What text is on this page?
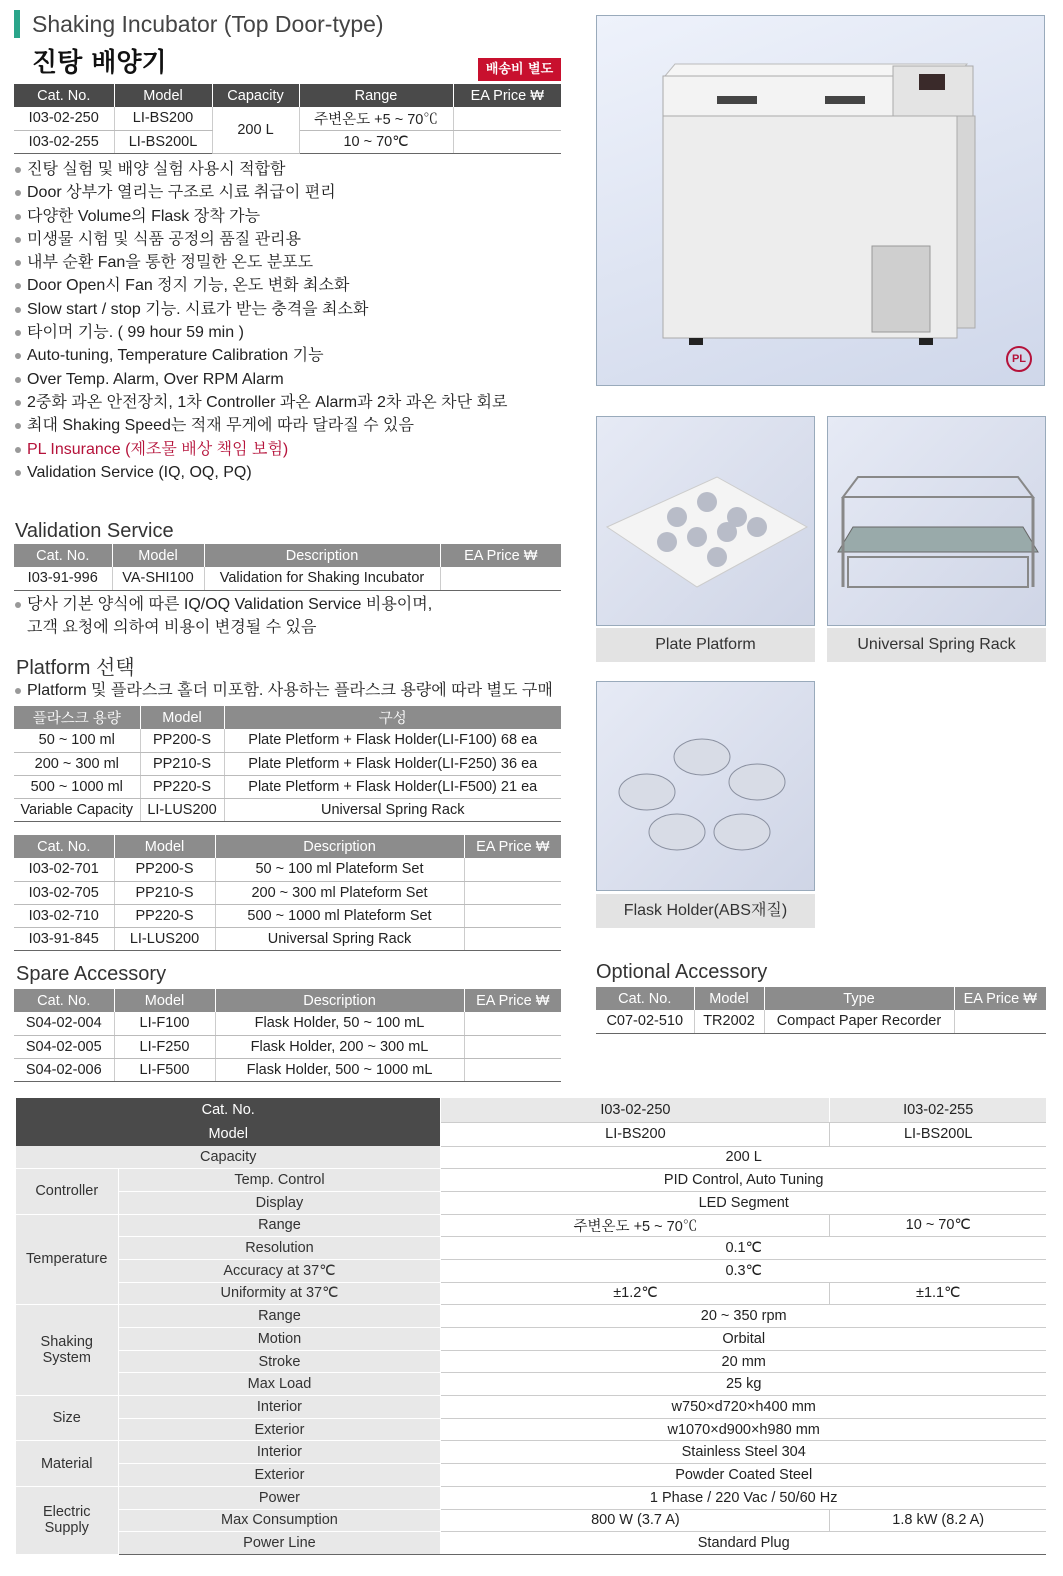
Shaking Incubator (Top Door-type)
진탕 배양기	배송비 별도
Cat. No.	Model	Capacity	Range	EA Price ₩
I03-02-250	LI-BS200	200 L	주변온도 +5 ~ 70℃	
I03-02-255	LI-BS200L		10 ~ 70℃	
진탕 실험 및 배양 실험 사용시 적합함
Door 상부가 열리는 구조로 시료 취급이 편리
다양한 Volume의 Flask 장착 가능
미생물 시험 및 식품 공정의 품질 관리용
내부 순환 Fan을 통한 정밀한 온도 분포도
Door Open시 Fan 정지 기능, 온도 변화 최소화
Slow start / stop 기능. 시료가 받는 충격을 최소화
타이머 기능. ( 99 hour 59 min )
Auto-tuning, Temperature Calibration 기능
Over Temp. Alarm, Over RPM Alarm
2중화 과온 안전장치, 1차 Controller 과온 Alarm과 2차 과온 차단 회로
최대 Shaking Speed는 적재 무게에 따라 달라질 수 있음
PL Insurance (제조물 배상 책임 보험)
Validation Service (IQ, OQ, PQ)
Validation Service
Cat. No.	Model	Description	EA Price ₩
I03-91-996	VA-SHI100	Validation for Shaking Incubator	
당사 기본 양식에 따른 IQ/OQ Validation Service 비용이며,
고객 요청에 의하여 비용이 변경될 수 있음
Platform 선택
Platform 및 플라스크 홀더 미포함. 사용하는 플라스크 용량에 따라 별도 구매
플라스크 용량	Model	구성
50 ~ 100 ml	PP200-S	Plate Pletform + Flask Holder(LI-F100) 68 ea
200 ~ 300 ml	PP210-S	Plate Pletform + Flask Holder(LI-F250) 36 ea
500 ~ 1000 ml	PP220-S	Plate Pletform + Flask Holder(LI-F500) 21 ea
Variable Capacity	LI-LUS200	Universal Spring Rack
Cat. No.	Model	Description	EA Price ₩
I03-02-701	PP200-S	50 ~ 100 ml Plateform Set	
I03-02-705	PP210-S	200 ~ 300 ml Plateform Set	
I03-02-710	PP220-S	500 ~ 1000 ml Plateform Set	
I03-91-845	LI-LUS200	Universal Spring Rack	
Spare Accessory
Cat. No.	Model	Description	EA Price ₩
S04-02-004	LI-F100	Flask Holder, 50 ~ 100 mL	
S04-02-005	LI-F250	Flask Holder, 200 ~ 300 mL	
S04-02-006	LI-F500	Flask Holder, 500 ~ 1000 mL	
PL
Plate Platform	Universal Spring Rack
Flask Holder(ABS재질)
Optional Accessory
Cat. No.	Model	Type	EA Price ₩
C07-02-510	TR2002	Compact Paper Recorder	
Cat. No.		I03-02-250	I03-02-255
Model		LI-BS200	LI-BS200L
Capacity		200 L	
Controller	Temp. Control	PID Control, Auto Tuning	
	Display	LED Segment	
Temperature	Range	주변온도 +5 ~ 70℃	10 ~ 70℃
	Resolution	0.1℃	
	Accuracy at 37℃	0.3℃	
	Uniformity at 37℃	±1.2℃	±1.1℃

Shaking
System	Range	20 ~ 350 rpm	
	Motion	Orbital	
	Stroke	20 mm	
	Max Load	25 kg	
Size	Interior	w750×d720×h400 mm	
	Exterior	w1070×d900×h980 mm	
Material	Interior	Stainless Steel 304	
	Exterior	Powder Coated Steel	

Electric
Supply	Power	1 Phase / 220 Vac / 50/60 Hz	
	Max Consumption	800 W (3.7 A)	1.8 kW (8.2 A)
	Power Line	Standard Plug	
